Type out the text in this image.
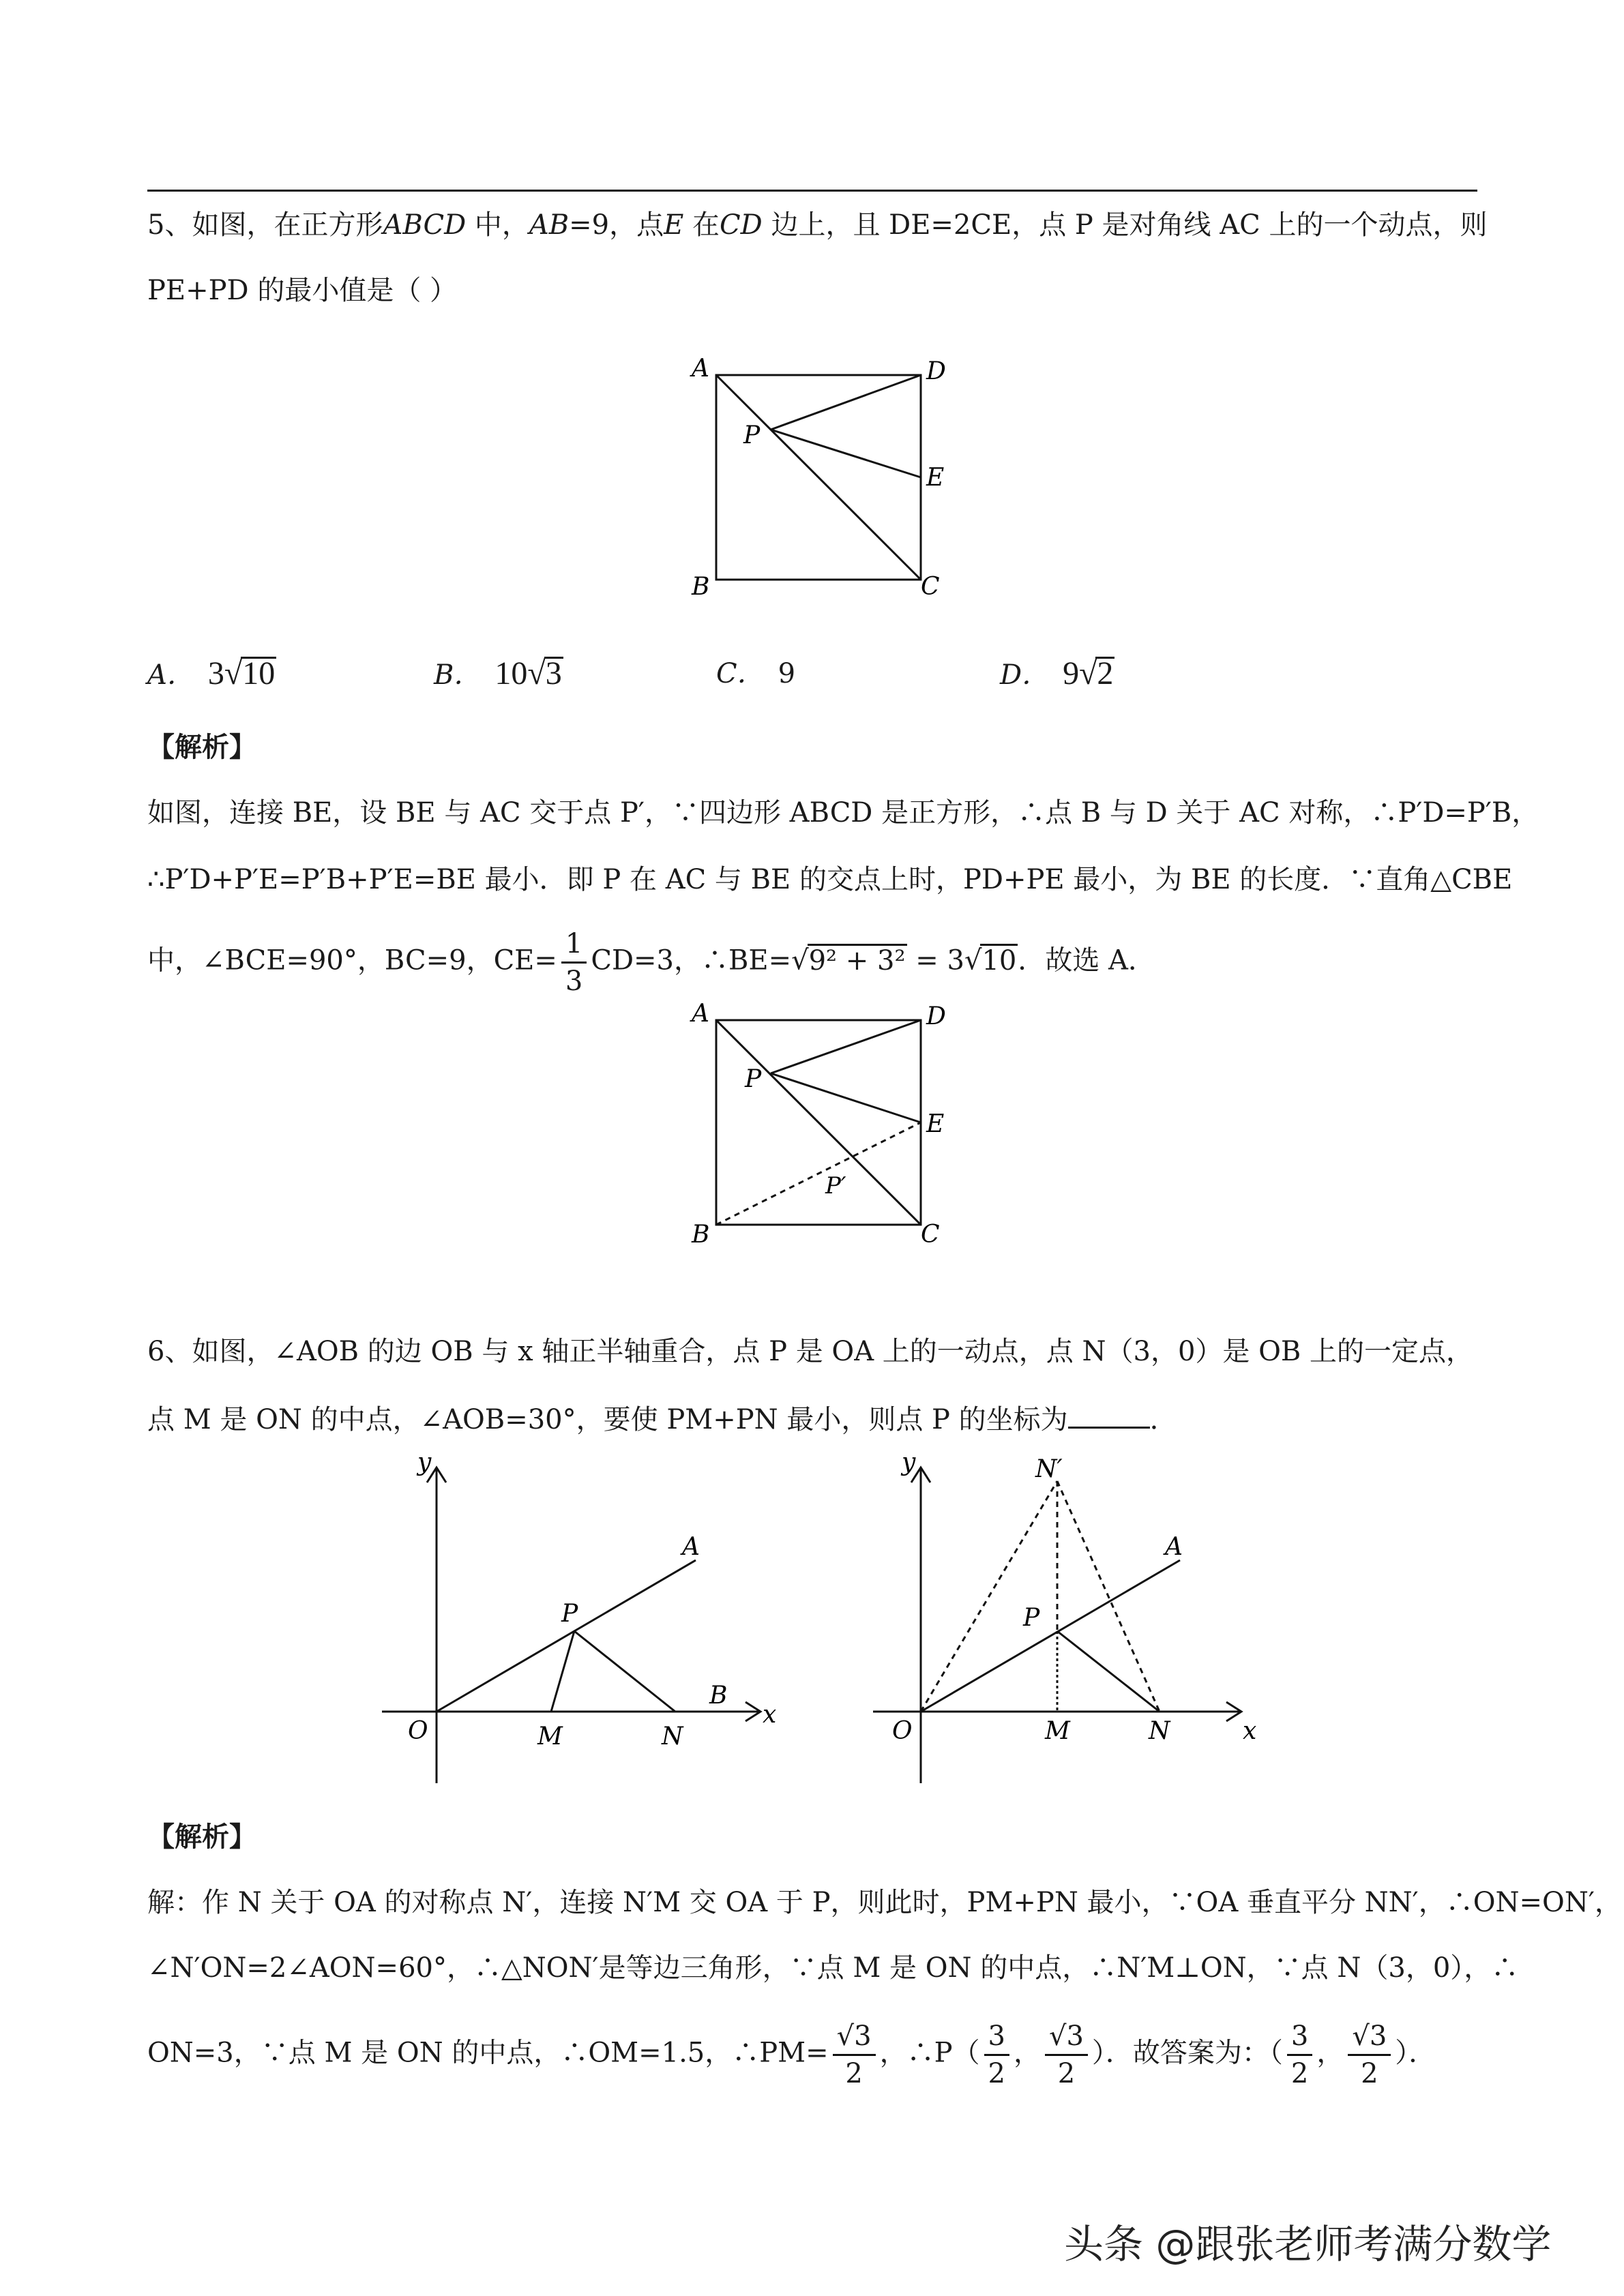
5、如图，在正方形ABCD 中，AB=9，点E 在CD 边上，且 DE=2CE，点 P 是对角线 AC 上的一个动点，则
PE+PD 的最小值是（ ）
A	D
P
E
B	C
A． 3√10	B． 10√3	C． 9	D． 9√2
【解析】
如图，连接 BE，设 BE 与 AC 交于点 P′，∵四边形 ABCD 是正方形，∴点 B 与 D 关于 AC 对称，∴P′D=P′B，
∴P′D+P′E=P′B+P′E=BE 最小．即 P 在 AC 与 BE 的交点上时，PD+PE 最小，为 BE 的长度．∵直角△CBE
中，∠BCE=90°，BC=9，$CE= \frac{1}{3} CD=3$，∴BE=√9² + 3² = 3√10．故选 A．
A	D
P
E
P′
B	C
6、如图，∠AOB 的边 OB 与 x 轴正半轴重合，点 P 是 OA 上的一动点，点 N（3，0）是 OB 上的一定点，
点 M 是 ON 的中点，∠AOB=30°，要使 PM+PN 最小，则点 P 的坐标为	．
y
O
A
P
M	N
B
x
y
O
A
N′
P
M	N	x
【解析】
解：作 N 关于 OA 的对称点 N′，连接 N′M 交 OA 于 P，则此时，PM+PN 最小，∵OA 垂直平分 NN′，∴ON=ON′，
∠N′ON=2∠AON=60°，∴△NON′是等边三角形，∵点 M 是 ON 的中点，∴N′M⊥ON，∵点 N（3，0），∴
ON=3，∵点 M 是 ON 的中点，∴OM=1.5，∴PM= $\frac{√3}{2}$ ，∴P（ $\frac{3}{2}$ ， $\frac{√3}{2}$ ）．故答案为：（ $\frac{3}{2}$ ， $\frac{√3}{2}$ ）．
头条 @跟张老师考满分数学
